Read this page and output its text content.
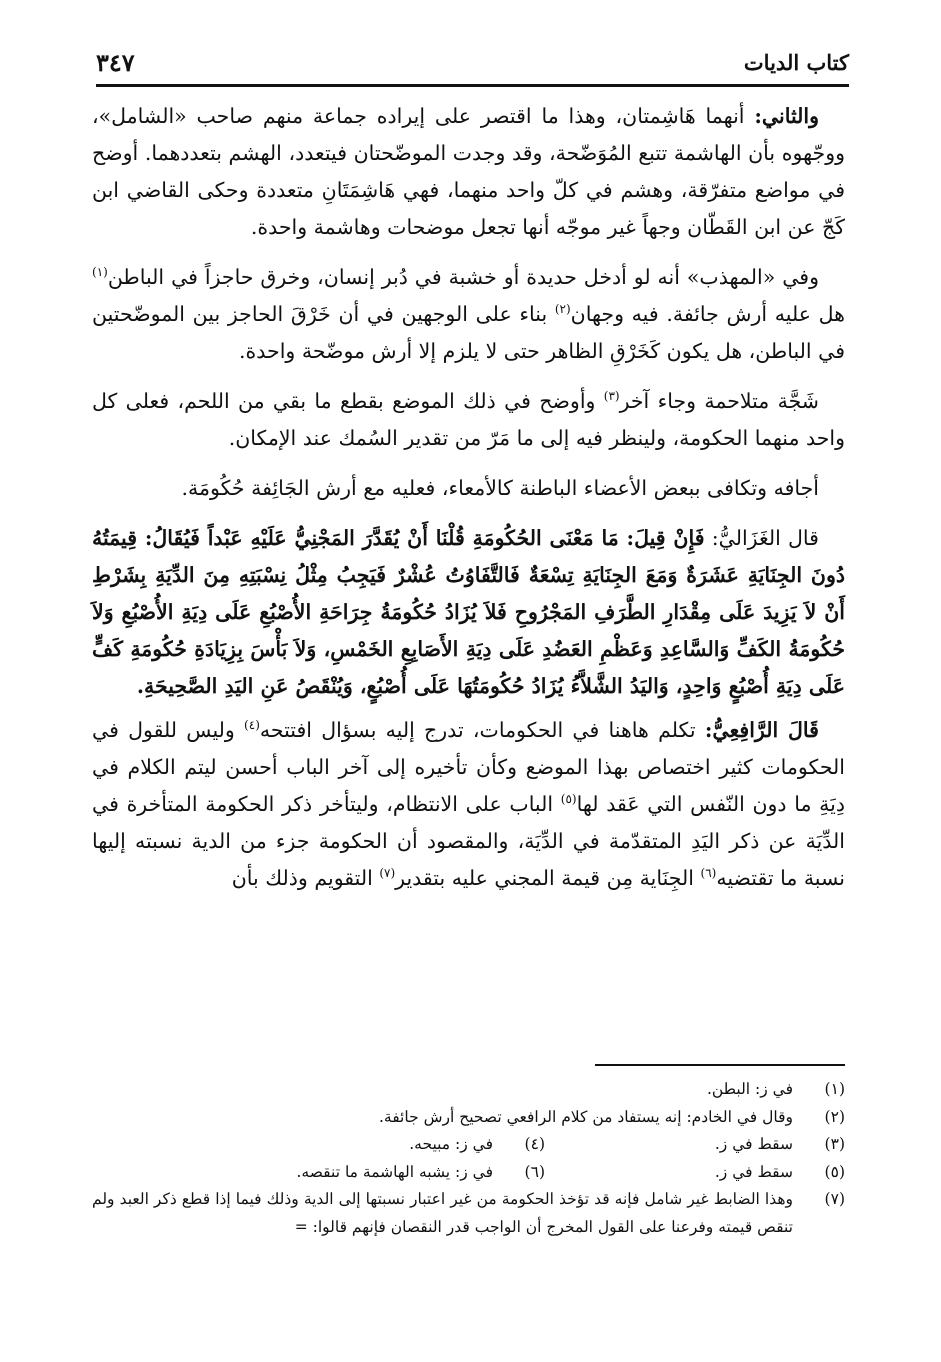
كتاب الديات
٣٤٧

والثاني: أنهما هَاشِمتان، وهذا ما اقتصر على إيراده جماعة منهم صاحب «الشامل»، ووجّهوه بأن الهاشمة تتبع المُوَضّحة، وقد وجدت الموضّحتان فيتعدد، الهشم بتعددهما. أوضح في مواضع متفرّقة، وهشم في كلّ واحد منهما، فهي هَاشِمَتَانِ متعددة وحكى القاضي ابن كَجّ عن ابن القَطّان وجهاً غير موجّه أنها تجعل موضحات وهاشمة واحدة.

وفي «المهذب» أنه لو أدخل حديدة أو خشبة في دُبر إنسان، وخرق حاجزاً في الباطن$^{(١)}$ هل عليه أرش جائفة. فيه وجهان$^{(٢)}$ بناء على الوجهين في أن خَرْقَ الحاجز بين الموضّحتين في الباطن، هل يكون كَخَرْقِ الظاهر حتى لا يلزم إلا أرش موضّحة واحدة.

شَجَّة متلاحمة وجاء آخر$^{(٣)}$ وأوضح في ذلك الموضع بقطع ما بقي من اللحم، فعلى كل واحد منهما الحكومة، ولينظر فيه إلى ما مَرّ من تقدير السُمك عند الإمكان.

أجافه وتكافى ببعض الأعضاء الباطنة كالأمعاء، فعليه مع أرش الجَائِفة حُكُومَة.

قال الغَزَاليُّ: فَإِنْ قِيلَ: مَا مَعْنَى الحُكُومَةِ قُلْنَا أَنْ يُقَدَّرَ المَجْنِيُّ عَلَيْهِ عَبْداً فَيُقَالُ: قِيمَتُهُ دُونَ الجِنَايَةِ عَشَرَةٌ وَمَعَ الجِنَايَةِ تِسْعَةٌ فَالتَّفَاوُتُ عُشْرٌ فَيَجِبُ مِثْلُ نِسْبَتِهِ مِنَ الدِّيَةِ بِشَرْطِ أَنْ لاَ يَزِيدَ عَلَى مِقْدَارِ الطَّرَفِ المَجْرُوحِ فَلاَ يُزَادُ حُكُومَةُ جِرَاحَةِ الأُصْبُعِ عَلَى دِيَةِ الأُصْبُعِ وَلاَ حُكُومَةُ الكَفِّ وَالسَّاعِدِ وَعَظْمِ العَضُدِ عَلَى دِيَةِ الأَصَابِعِ الخَمْسِ، وَلاَ بَأْسَ بِزِيَادَةِ حُكُومَةِ كَفٍّ عَلَى دِيَةِ أُصْبُعٍ وَاحِدٍ، وَاليَدُ الشَّلاَّءُ يُزَادُ حُكُومَتُهَا عَلَى أُصْبُعٍ، وَيُنْقَصُ عَنِ اليَدِ الصَّحِيحَةِ.

قَالَ الرَّافِعِيُّ: تكلم هاهنا في الحكومات، تدرج إليه بسؤال افتتحه$^{(٤)}$ وليس للقول في الحكومات كثير اختصاص بهذا الموضع وكأن تأخيره إلى آخر الباب أحسن ليتم الكلام في دِيَةِ ما دون النّفس التي عَقد لها$^{(٥)}$ الباب على الانتظام، وليتأخر ذكر الحكومة المتأخرة في الدِّيَة عن ذكر اليَدِ المتقدّمة في الدِّيَة، والمقصود أن الحكومة جزء من الدية نسبته إليها نسبة ما تقتضيه$^{(٦)}$ الجِنَاية مِن قيمة المجني عليه بتقدير$^{(٧)}$ التقويم وذلك بأن

(١)
في ز: البطن.
(٢)
وقال في الخادم: إنه يستفاد من كلام الرافعي تصحيح أرش جائفة.
(٣)
سقط في ز.
(٤)
في ز: مبيحه.
(٥)
سقط في ز.
(٦)
في ز: يشبه الهاشمة ما تنقصه.
(٧)
وهذا الضابط غير شامل فإنه قد تؤخذ الحكومة من غير اعتبار نسبتها إلى الدية وذلك فيما إذا قطع ذكر العبد ولم تنقص قيمته وفرعنا على القول المخرج أن الواجب قدر النقصان فإنهم قالوا: =
